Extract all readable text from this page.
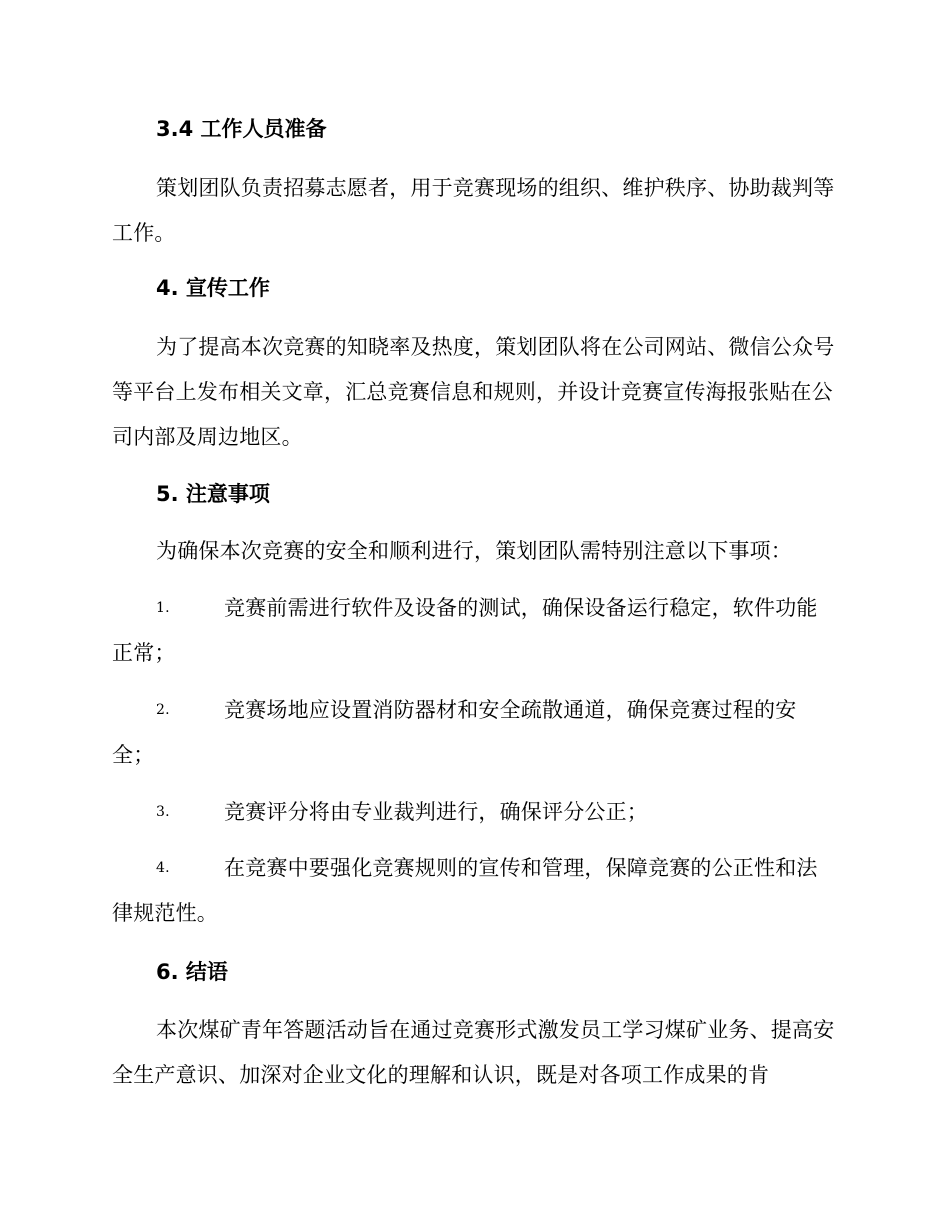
3.4 工作人员准备

策划团队负责招募志愿者，用于竞赛现场的组织、维护秩序、协助裁判等工作。

4. 宣传工作

为了提高本次竞赛的知晓率及热度，策划团队将在公司网站、微信公众号等平台上发布相关文章，汇总竞赛信息和规则，并设计竞赛宣传海报张贴在公司内部及周边地区。

5. 注意事项

为确保本次竞赛的安全和顺利进行，策划团队需特别注意以下事项：

1.	竞赛前需进行软件及设备的测试，确保设备运行稳定，软件功能正常；

2.	竞赛场地应设置消防器材和安全疏散通道，确保竞赛过程的安全；

3.	竞赛评分将由专业裁判进行，确保评分公正；

4.	在竞赛中要强化竞赛规则的宣传和管理，保障竞赛的公正性和法律规范性。

6. 结语

本次煤矿青年答题活动旨在通过竞赛形式激发员工学习煤矿业务、提高安全生产意识、加深对企业文化的理解和认识，既是对各项工作成果的肯
